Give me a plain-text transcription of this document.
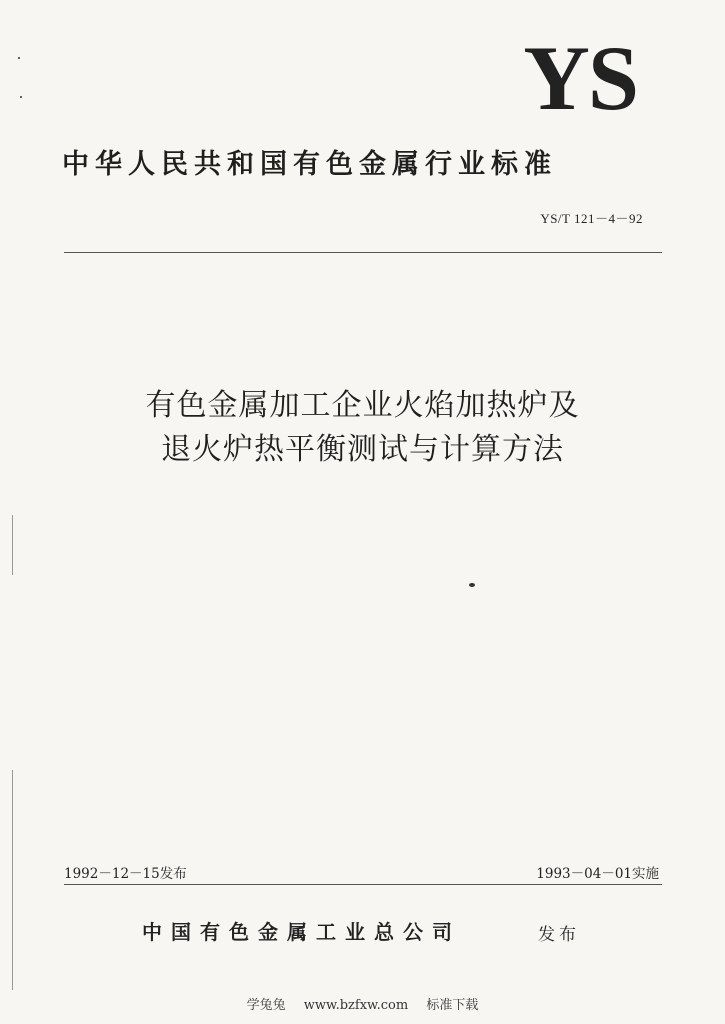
YS
中华人民共和国有色金属行业标准
YS/T 121－4－92
有色金属加工企业火焰加热炉及
退火炉热平衡测试与计算方法
1992－12－15发布	1993－04－01实施
中国有色金属工业总公司	发布
学兔兔 www.bzfxw.com 标准下载
